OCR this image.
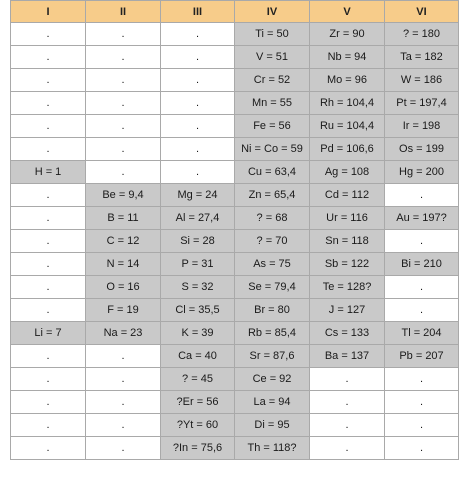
I	II	III	IV	V	VI
.	.	.	Ti = 50	Zr = 90	? = 180
.	.	.	V = 51	Nb = 94	Ta = 182
.	.	.	Cr = 52	Mo = 96	W = 186
.	.	.	Mn = 55	Rh = 104,4	Pt = 197,4
.	.	.	Fe = 56	Ru = 104,4	Ir = 198
.	.	.	Ni = Co = 59	Pd = 106,6	Os = 199
H = 1	.	.	Cu = 63,4	Ag = 108	Hg = 200
.	Be = 9,4	Mg = 24	Zn = 65,4	Cd = 112	.
.	B = 11	Al = 27,4	? = 68	Ur = 116	Au = 197?
.	C = 12	Si = 28	? = 70	Sn = 118	.
.	N = 14	P = 31	As = 75	Sb = 122	Bi = 210
.	O = 16	S = 32	Se = 79,4	Te = 128?	.
.	F = 19	Cl = 35,5	Br = 80	J = 127	.
Li = 7	Na = 23	K = 39	Rb = 85,4	Cs = 133	Tl = 204
.	.	Ca = 40	Sr = 87,6	Ba = 137	Pb = 207
.	.	? = 45	Ce = 92	.	.
.	.	?Er = 56	La = 94	.	.
.	.	?Yt = 60	Di = 95	.	.
.	.	?In = 75,6	Th = 118?	.	.
